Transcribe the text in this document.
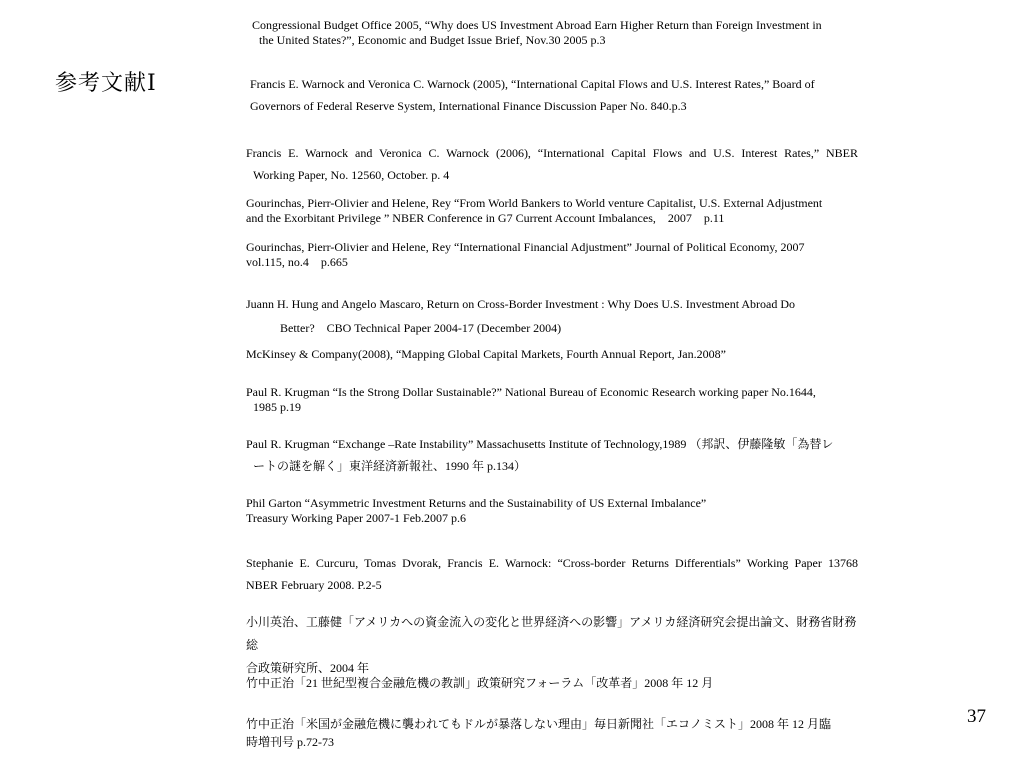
参考文献Ⅰ
Congressional Budget Office 2005, “Why does US Investment Abroad Earn Higher Return than Foreign Investment in
the United States?”, Economic and Budget Issue Brief, Nov.30 2005 p.3
Francis E. Warnock and Veronica C. Warnock (2005), “International Capital Flows and U.S. Interest Rates,” Board of
Governors of Federal Reserve System, International Finance Discussion Paper No. 840.p.3
Francis E. Warnock and Veronica C. Warnock (2006), “International Capital Flows and U.S. Interest Rates,” NBER
Working Paper, No. 12560, October. p. 4
Gourinchas, Pierr-Olivier and Helene, Rey “From World Bankers to World venture Capitalist, U.S. External Adjustment
and the Exorbitant Privilege ” NBER Conference in G7 Current Account Imbalances,　2007　p.11
Gourinchas, Pierr-Olivier and Helene, Rey “International Financial Adjustment” Journal of Political Economy, 2007
vol.115, no.4　p.665
Juann H. Hung and Angelo Mascaro, Return on Cross-Border Investment : Why Does U.S. Investment Abroad Do
Better?　CBO Technical Paper 2004-17 (December 2004)
McKinsey & Company(2008), “Mapping Global Capital Markets, Fourth Annual Report, Jan.2008”
Paul R. Krugman “Is the Strong Dollar Sustainable?” National Bureau of Economic Research working paper No.1644,
1985 p.19
Paul R. Krugman “Exchange –Rate Instability” Massachusetts Institute of Technology,1989 （邦訳、伊藤隆敏「為替レ
ートの謎を解く」東洋経済新報社、1990 年 p.134）
Phil Garton “Asymmetric Investment Returns and the Sustainability of US External Imbalance”
Treasury Working Paper 2007-1 Feb.2007 p.6
Stephanie E. Curcuru, Tomas Dvorak, Francis E. Warnock: “Cross-border Returns Differentials” Working Paper 13768
NBER February 2008. P.2-5
小川英治、工藤健「アメリカへの資金流入の変化と世界経済への影響」アメリカ経済研究会提出論文、財務省財務総
合政策研究所、2004 年
竹中正治「21 世紀型複合金融危機の教訓」政策研究フォーラム「改革者」2008 年 12 月
竹中正治「米国が金融危機に襲われてもドルが暴落しない理由」毎日新聞社「エコノミスト」2008 年 12 月臨
時増刊号 p.72-73
37
